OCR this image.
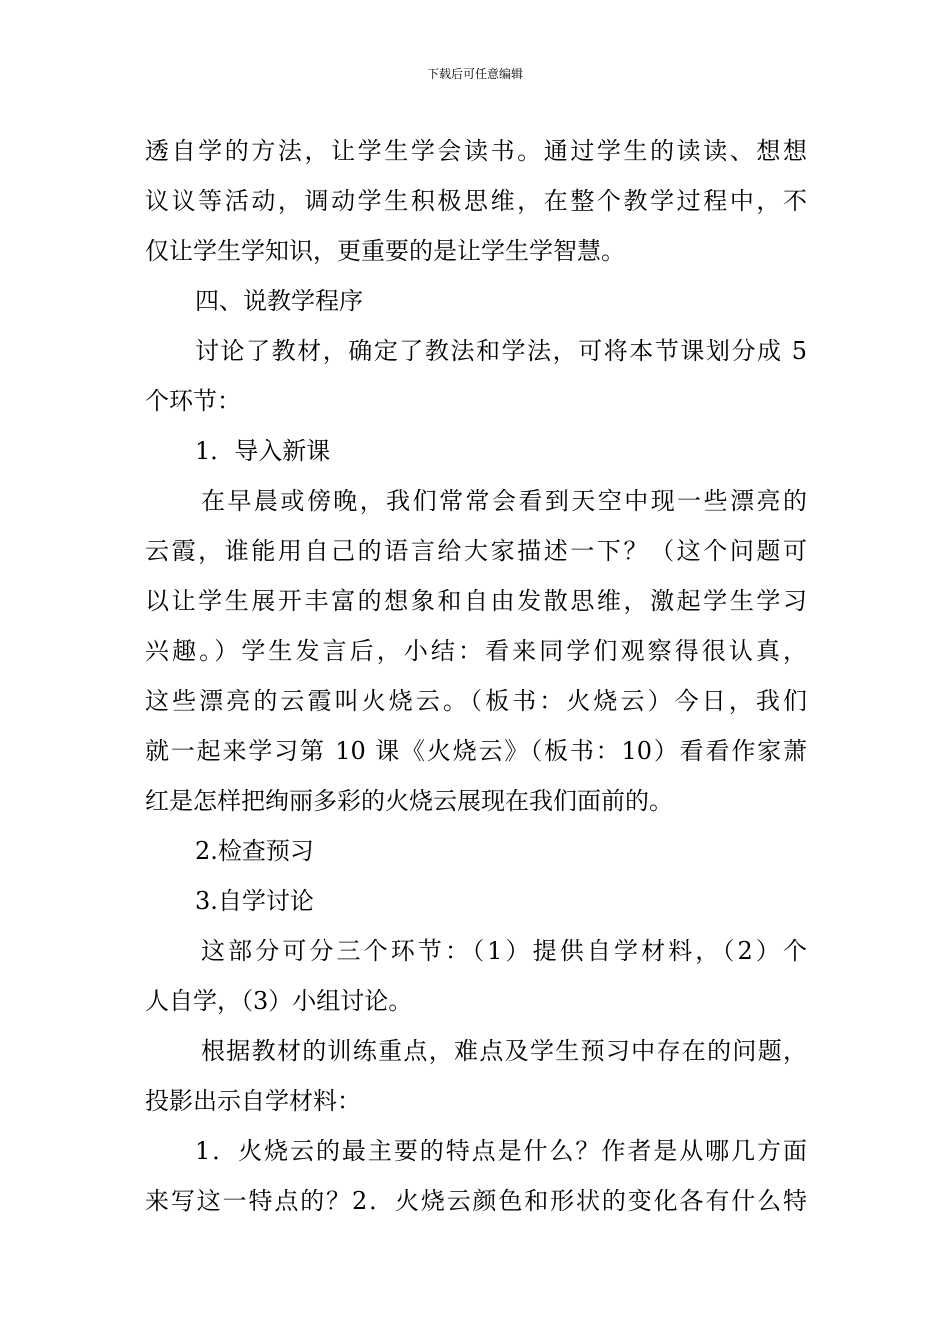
下载后可任意编辑
透自学的方法，让学生学会读书。通过学生的读读、想想
议议等活动，调动学生积极思维，在整个教学过程中，不
仅让学生学知识，更重要的是让学生学智慧。
四、说教学程序
讨论了教材，确定了教法和学法，可将本节课划分成 5
个环节：
1．导入新课
在早晨或傍晚，我们常常会看到天空中现一些漂亮的
云霞，谁能用自己的语言给大家描述一下？（这个问题可
以让学生展开丰富的想象和自由发散思维，激起学生学习
兴趣。）学生发言后，小结：看来同学们观察得很认真，
这些漂亮的云霞叫火烧云。（板书：火烧云）今日，我们
就一起来学习第 10 课《火烧云》（板书：10）看看作家萧
红是怎样把绚丽多彩的火烧云展现在我们面前的。
2.检查预习
3.自学讨论
这部分可分三个环节：（1）提供自学材料，（2）个
人自学，（3）小组讨论。
根据教材的训练重点，难点及学生预习中存在的问题，
投影出示自学材料：
1．火烧云的最主要的特点是什么？作者是从哪几方面
来写这一特点的？2．火烧云颜色和形状的变化各有什么特
